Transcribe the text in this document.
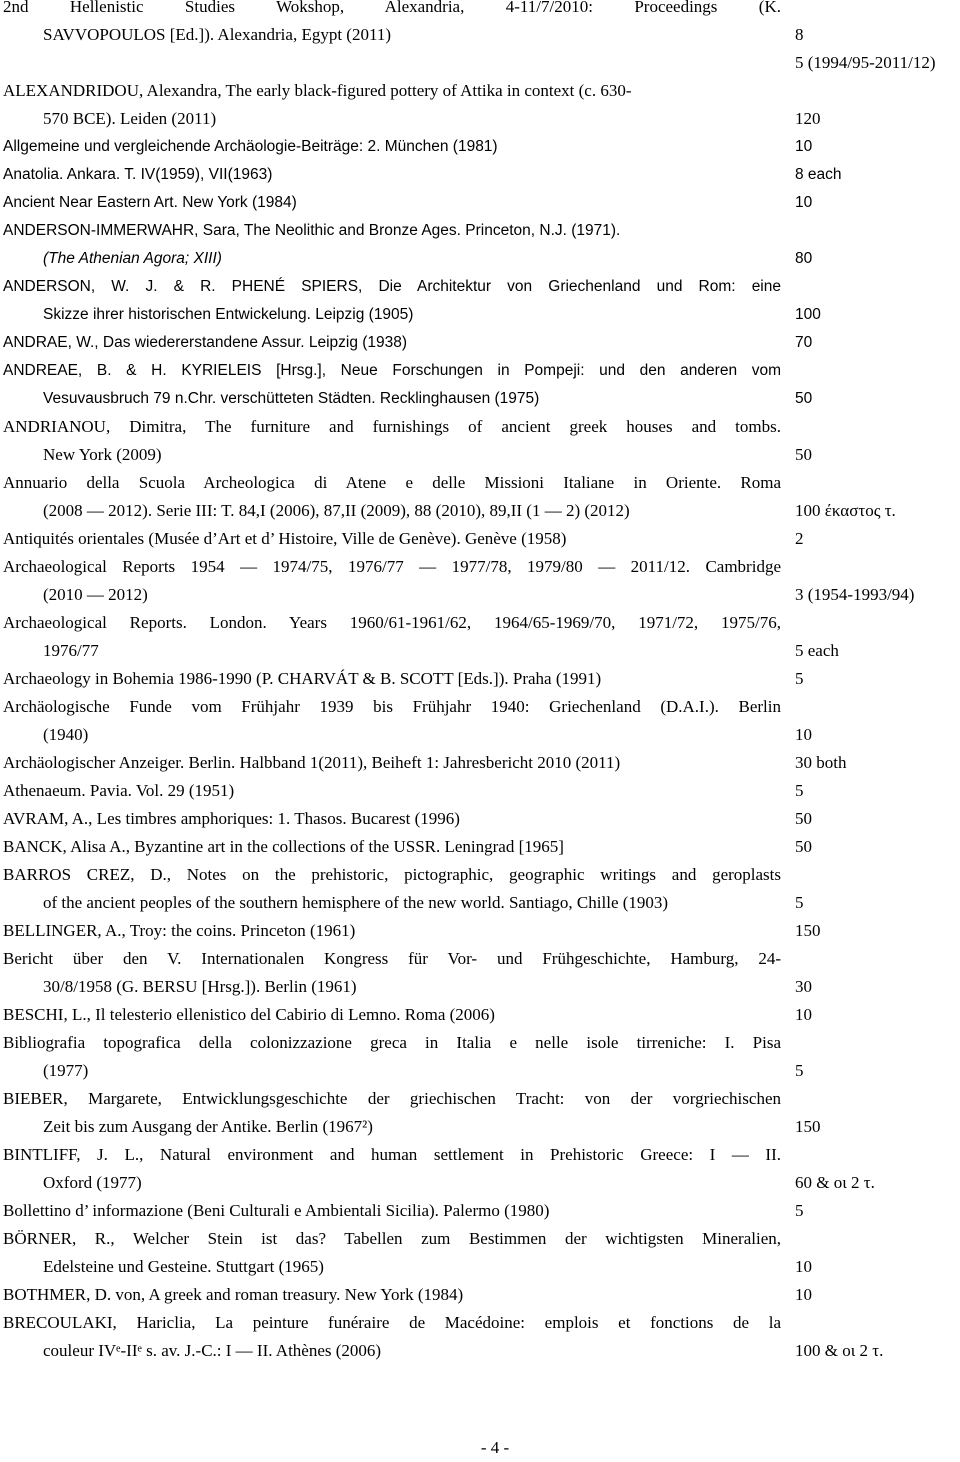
2nd Hellenistic Studies Wokshop, Alexandria, 4-11/7/2010: Proceedings (K.
SAVVOPOULOS [Ed.]). Alexandria, Egypt (2011)	8
5 (1994/95-2011/12)
ALEXANDRIDOU, Alexandra, The early black-figured pottery of Attika in context (c. 630-
570 BCE). Leiden (2011)	120
Allgemeine und vergleichende Archäologie-Beiträge: 2. München (1981)	10
Anatolia. Ankara. T. IV(1959), VII(1963)	8 each
Ancient Near Eastern Art. New York (1984)	10
ANDERSON-IMMERWAHR, Sara, The Neolithic and Bronze Ages. Princeton, N.J. (1971).
(The Athenian Agora; XIII)	80
ANDERSON, W. J. & R. PHENÉ SPIERS, Die Architektur von Griechenland und Rom: eine
Skizze ihrer historischen Entwickelung. Leipzig (1905)	100
ANDRAE, W., Das wiedererstandene Assur. Leipzig (1938)	70
ANDREAE, B. & H. KYRIELEIS [Hrsg.], Neue Forschungen in Pompeji: und den anderen vom
Vesuvausbruch 79 n.Chr. verschütteten Städten. Recklinghausen (1975)	50
ANDRIANOU, Dimitra, The furniture and furnishings of ancient greek houses and tombs.
New York (2009)	50
Annuario della Scuola Archeologica di Atene e delle Missioni Italiane in Oriente. Roma
(2008 — 2012). Serie III: T. 84,I (2006), 87,II (2009), 88 (2010), 89,II (1 — 2) (2012)	100 έκαστος τ.
Antiquités orientales (Musée d’Art et d’ Histoire, Ville de Genève). Genève (1958)	2
Archaeological Reports 1954 — 1974/75, 1976/77 — 1977/78, 1979/80 — 2011/12. Cambridge
(2010 — 2012)	3 (1954-1993/94)
Archaeological Reports. London. Years 1960/61-1961/62, 1964/65-1969/70, 1971/72, 1975/76,
1976/77	5 each
Archaeology in Bohemia 1986-1990 (P. CHARVÁT & B. SCOTT [Eds.]). Praha (1991)	5
Archäologische Funde vom Frühjahr 1939 bis Frühjahr 1940: Griechenland (D.A.I.). Berlin
(1940)	10
Archäologischer Anzeiger. Berlin. Halbband 1(2011), Beiheft 1: Jahresbericht 2010 (2011)	30 both
Athenaeum. Pavia. Vol. 29 (1951)	5
AVRAM, A., Les timbres amphoriques: 1. Thasos. Bucarest (1996)	50
BANCK, Alisa A., Byzantine art in the collections of the USSR. Leningrad [1965]	50
BARROS CREZ, D., Notes on the prehistoric, pictographic, geographic writings and geroplasts
of the ancient peoples of the southern hemisphere of the new world. Santiago, Chille (1903)	5
BELLINGER, A., Troy: the coins. Princeton (1961)	150
Bericht über den V. Internationalen Kongress für Vor- und Frühgeschichte, Hamburg, 24-
30/8/1958 (G. BERSU [Hrsg.]). Berlin (1961)	30
BESCHI, L., Il telesterio ellenistico del Cabirio di Lemno. Roma (2006)	10
Bibliografia topografica della colonizzazione greca in Italia e nelle isole tirreniche: I. Pisa
(1977)	5
BIEBER, Margarete, Entwicklungsgeschichte der griechischen Tracht: von der vorgriechischen
Zeit bis zum Ausgang der Antike. Berlin (1967²)	150
BINTLIFF, J. L., Natural environment and human settlement in Prehistoric Greece: I — II.
Oxford (1977)	60 & οι 2 τ.
Bollettino d’ informazione (Beni Culturali e Ambientali Sicilia). Palermo (1980)	5
BÖRNER, R., Welcher Stein ist das? Tabellen zum Bestimmen der wichtigsten Mineralien,
Edelsteine und Gesteine. Stuttgart (1965)	10
BOTHMER, D. von, A greek and roman treasury. New York (1984)	10
BRECOULAKI, Hariclia, La peinture funéraire de Macédoine: emplois et fonctions de la
couleur IVᵉ-IIᵉ s. av. J.-C.: I — II. Athènes (2006)	100 & οι 2 τ.
- 4 -
